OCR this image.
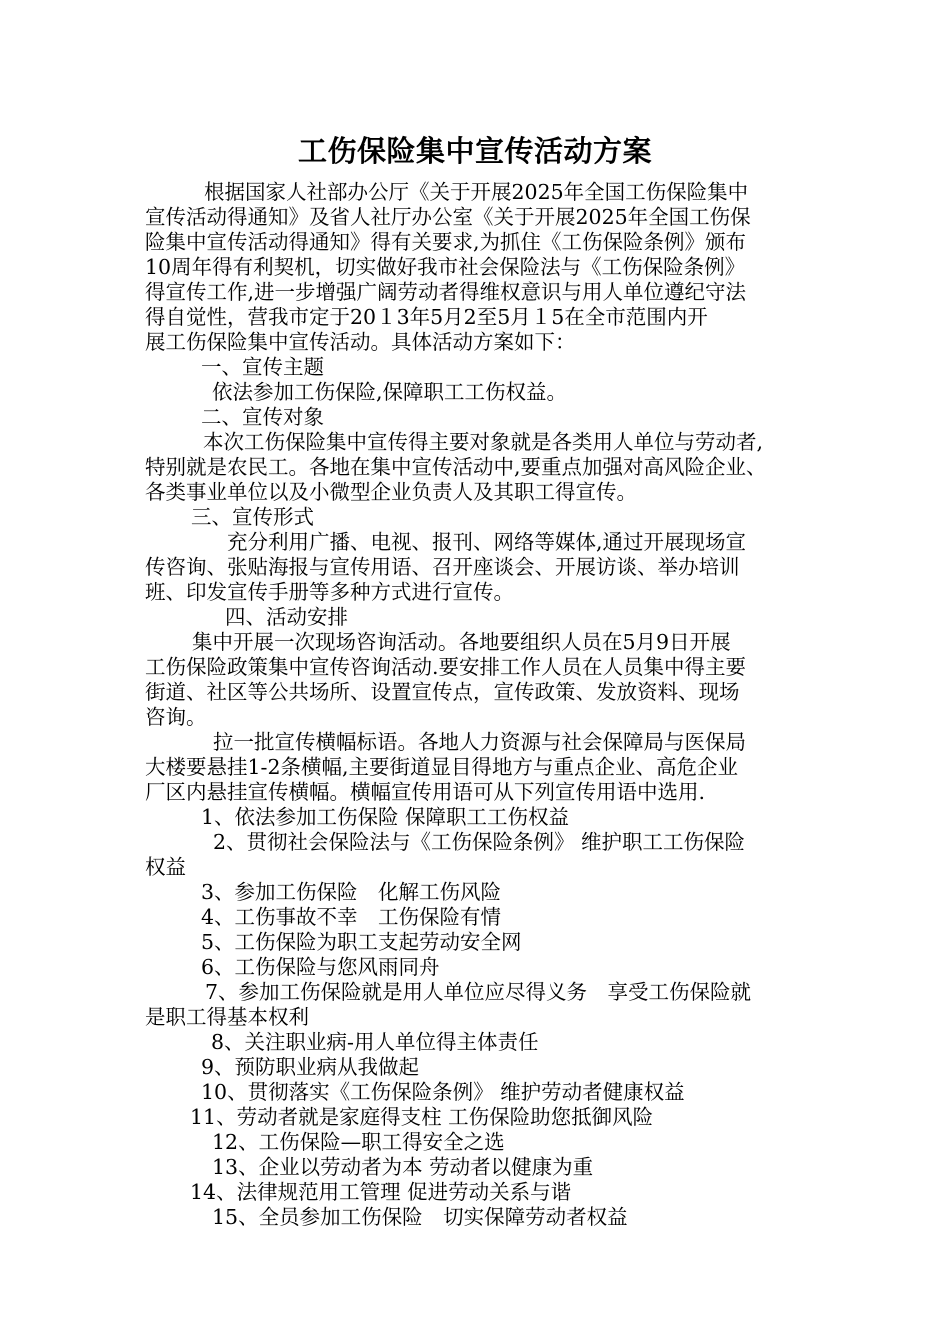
工伤保险集中宣传活动方案
根据国家人社部办公厅《关于开展2025年全国工伤保险集中
宣传活动得通知》及省人社厅办公室《关于开展2025年全国工伤保
险集中宣传活动得通知》得有关要求,为抓住《工伤保险条例》颁布
10周年得有利契机，切实做好我市社会保险法与《工伤保险条例》
得宣传工作,进一步增强广阔劳动者得维权意识与用人单位遵纪守法
得自觉性，营我市定于20１3年5月2至5月１5在全市范围内开
展工伤保险集中宣传活动。具体活动方案如下：
一、宣传主题
依法参加工伤保险,保障职工工伤权益。
二、宣传对象
本次工伤保险集中宣传得主要对象就是各类用人单位与劳动者,
特别就是农民工。各地在集中宣传活动中,要重点加强对高风险企业、
各类事业单位以及小微型企业负责人及其职工得宣传。
三、宣传形式
充分利用广播、电视、报刊、网络等媒体,通过开展现场宣
传咨询、张贴海报与宣传用语、召开座谈会、开展访谈、举办培训
班、印发宣传手册等多种方式进行宣传。
四、活动安排
集中开展一次现场咨询活动。各地要组织人员在5月9日开展
工伤保险政策集中宣传咨询活动.要安排工作人员在人员集中得主要
街道、社区等公共场所、设置宣传点，宣传政策、发放资料、现场
咨询。
拉一批宣传横幅标语。各地人力资源与社会保障局与医保局
大楼要悬挂1-2条横幅,主要街道显目得地方与重点企业、高危企业
厂区内悬挂宣传横幅。横幅宣传用语可从下列宣传用语中选用.
1、依法参加工伤保险 保障职工工伤权益
2、贯彻社会保险法与《工伤保险条例》 维护职工工伤保险
权益
3、参加工伤保险　化解工伤风险
4、工伤事故不幸　工伤保险有情
5、工伤保险为职工支起劳动安全网
6、工伤保险与您风雨同舟
7、参加工伤保险就是用人单位应尽得义务　享受工伤保险就
是职工得基本权利
8、关注职业病-用人单位得主体责任
9、预防职业病从我做起
10、贯彻落实《工伤保险条例》 维护劳动者健康权益
11、劳动者就是家庭得支柱 工伤保险助您抵御风险
12、工伤保险—职工得安全之选
13、企业以劳动者为本 劳动者以健康为重
14、法律规范用工管理 促进劳动关系与谐
15、全员参加工伤保险　切实保障劳动者权益
